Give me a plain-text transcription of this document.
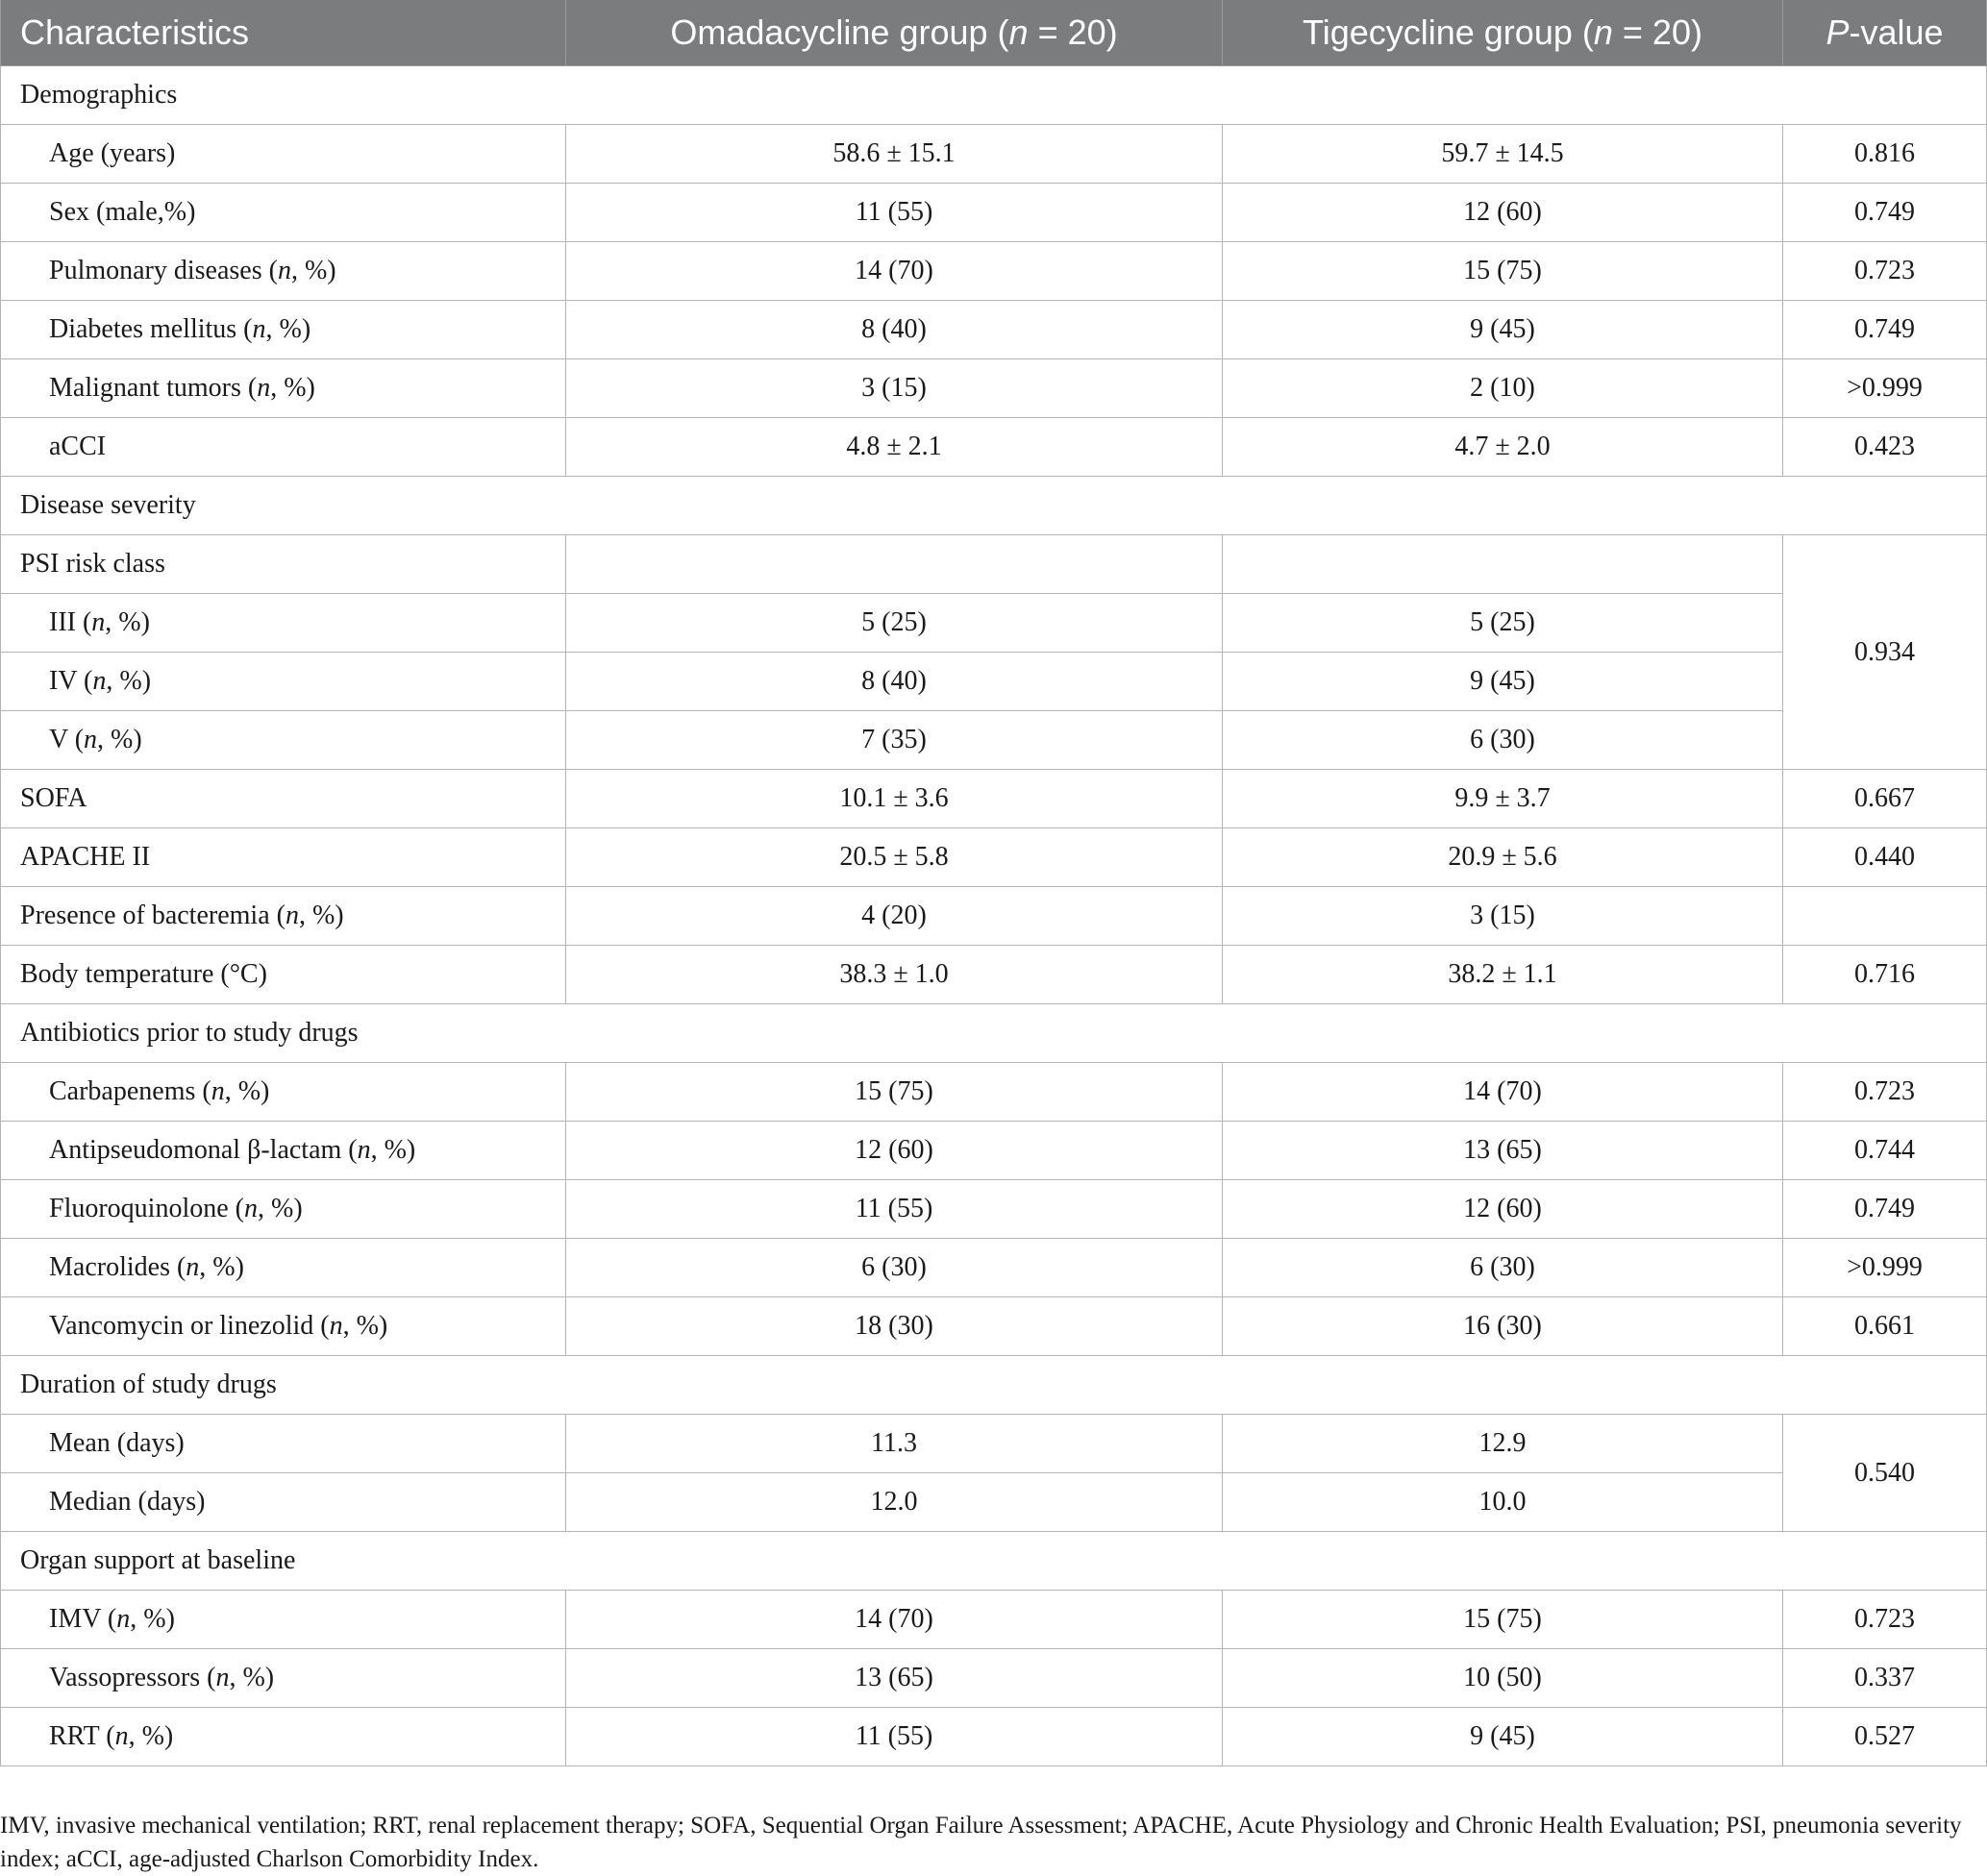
Characteristics	Omadacycline group (n = 20)	Tigecycline group (n = 20)	P-value
Demographics			
Age (years)	58.6 ± 15.1	59.7 ± 14.5	0.816
Sex (male,%)	11 (55)	12 (60)	0.749
Pulmonary diseases (n, %)	14 (70)	15 (75)	0.723
Diabetes mellitus (n, %)	8 (40)	9 (45)	0.749
Malignant tumors (n, %)	3 (15)	2 (10)	>0.999
aCCI	4.8 ± 2.1	4.7 ± 2.0	0.423
Disease severity			
PSI risk class			0.934
III (n, %)	5 (25)	5 (25)	
IV (n, %)	8 (40)	9 (45)	
V (n, %)	7 (35)	6 (30)	
SOFA	10.1 ± 3.6	9.9 ± 3.7	0.667
APACHE II	20.5 ± 5.8	20.9 ± 5.6	0.440
Presence of bacteremia (n, %)	4 (20)	3 (15)	
Body temperature (°C)	38.3 ± 1.0	38.2 ± 1.1	0.716
Antibiotics prior to study drugs			
Carbapenems (n, %)	15 (75)	14 (70)	0.723
Antipseudomonal β-lactam (n, %)	12 (60)	13 (65)	0.744
Fluoroquinolone (n, %)	11 (55)	12 (60)	0.749
Macrolides (n, %)	6 (30)	6 (30)	>0.999
Vancomycin or linezolid (n, %)	18 (30)	16 (30)	0.661
Duration of study drugs			
Mean (days)	11.3	12.9	0.540
Median (days)	12.0	10.0	
Organ support at baseline			
IMV (n, %)	14 (70)	15 (75)	0.723
Vassopressors (n, %)	13 (65)	10 (50)	0.337
RRT (n, %)	11 (55)	9 (45)	0.527

IMV, invasive mechanical ventilation; RRT, renal replacement therapy; SOFA, Sequential Organ Failure Assessment; APACHE, Acute Physiology and Chronic Health Evaluation; PSI, pneumonia severity index; aCCI, age-adjusted Charlson Comorbidity Index.
